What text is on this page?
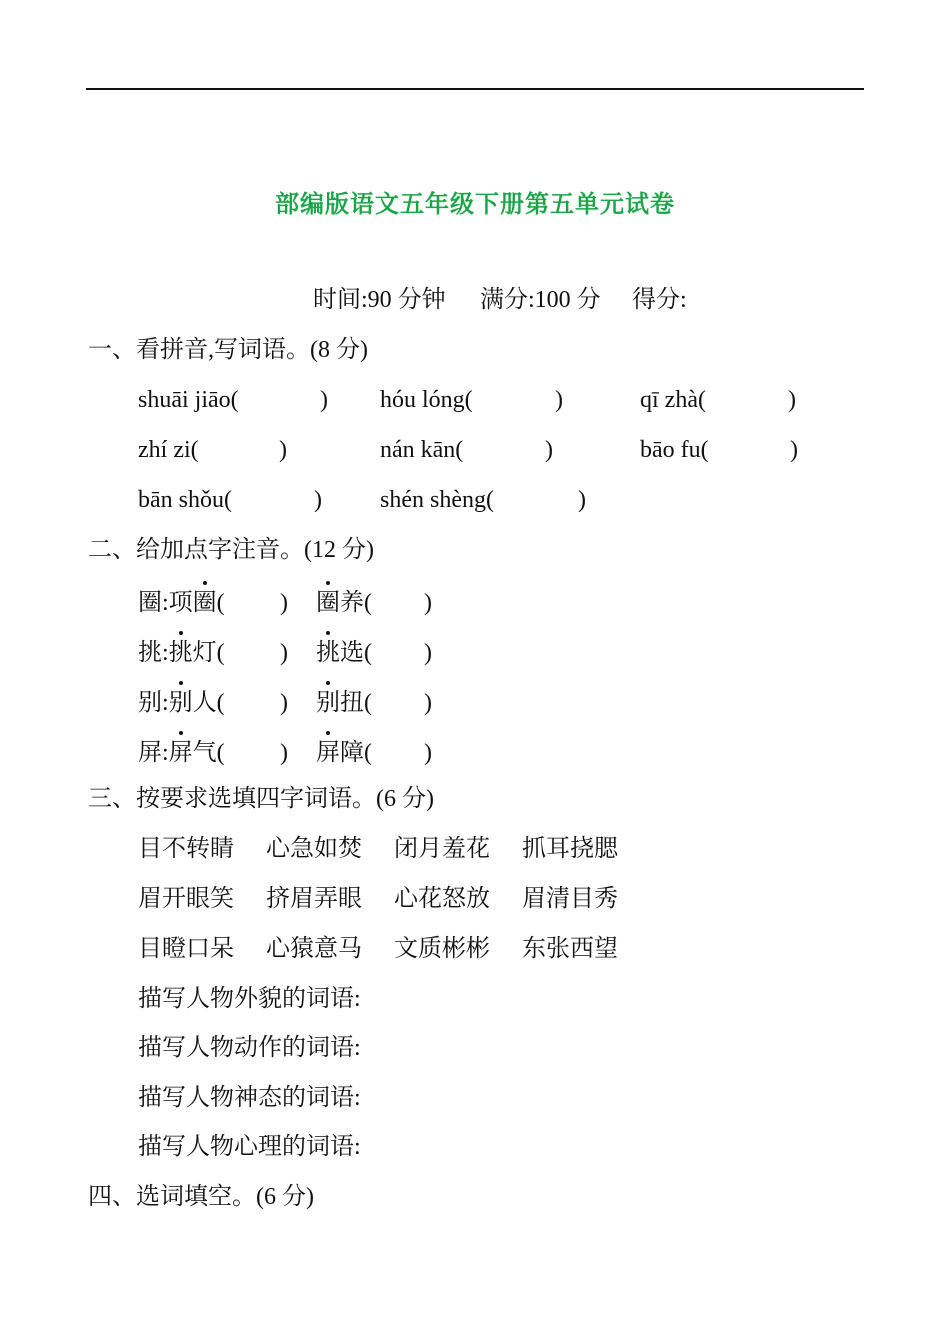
部编版语文五年级下册第五单元试卷
时间:90 分钟 满分:100 分 得分:
一、看拼音,写词语。(8 分)
shuāi jiāo(	) hóu lóng(	)	qī zhà(	)
zhí zi(	)	nán kān(	)	bāo fu(	)
bān shǒu(	) shén shèng(	)
二、给加点字注音。(12 分)
圈:项圈( ) 圈养( )
挑:挑灯( ) 挑选( )
别:别人( ) 别扭( )
屏:屏气( ) 屏障( )
三、按要求选填四字词语。(6 分)
目不转睛 心急如焚 闭月羞花 抓耳挠腮
眉开眼笑 挤眉弄眼 心花怒放 眉清目秀
目瞪口呆 心猿意马 文质彬彬 东张西望
描写人物外貌的词语:
描写人物动作的词语:
描写人物神态的词语:
描写人物心理的词语:
四、选词填空。(6 分)
